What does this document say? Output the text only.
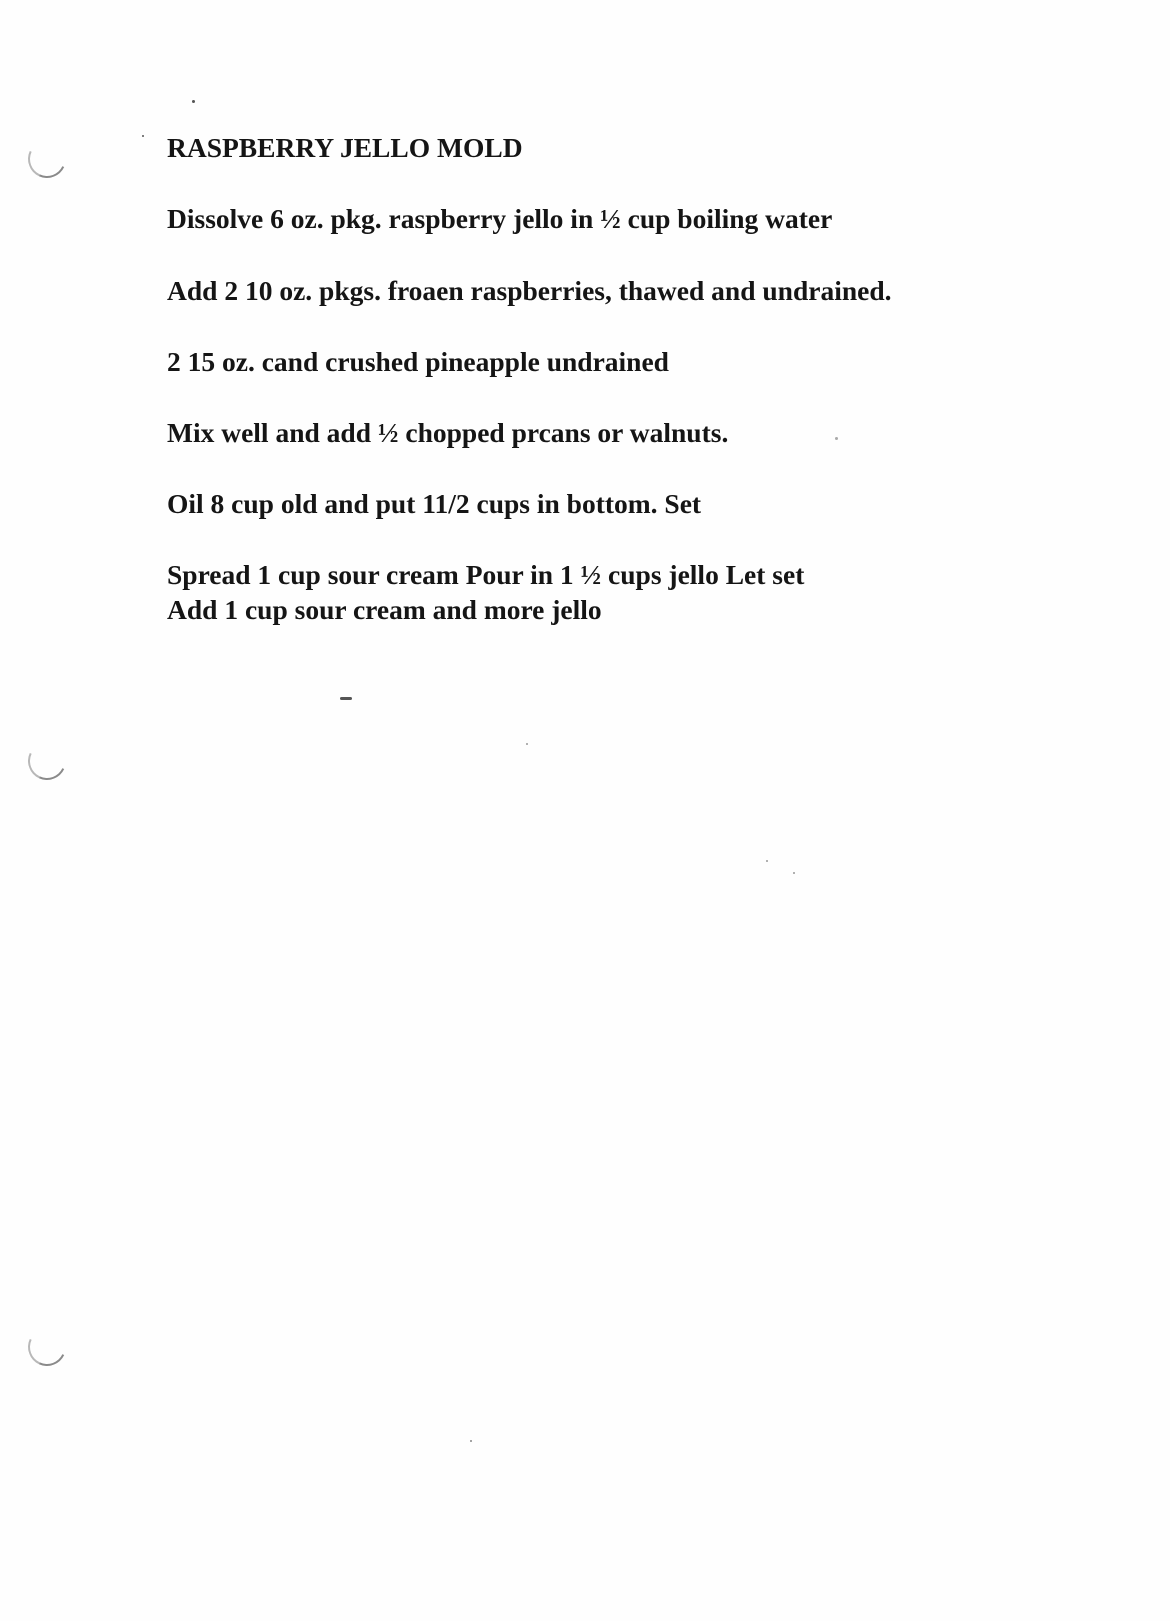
RASPBERRY JELLO MOLD
Dissolve 6 oz. pkg. raspberry jello in ½ cup boiling water
Add 2 10 oz. pkgs. froaen raspberries, thawed and undrained.
2 15 oz. cand crushed pineapple undrained
Mix well and add ½ chopped prcans or walnuts.
Oil 8 cup old and put 11/2 cups in bottom. Set
Spread 1 cup sour cream Pour in 1 ½ cups jello Let set
Add 1 cup sour cream and more jello
